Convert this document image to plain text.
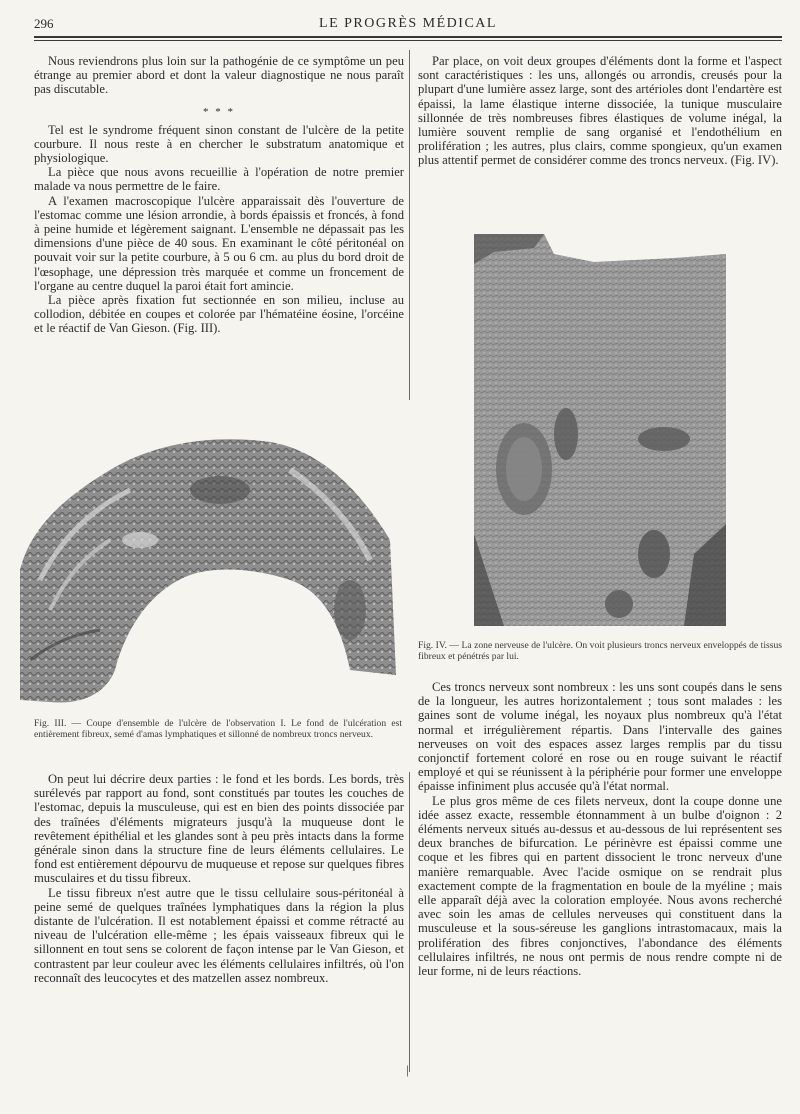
296	LE PROGRÈS MÉDICAL

Nous reviendrons plus loin sur la pathogénie de ce symptôme un peu étrange au premier abord et dont la valeur diagnostique ne nous paraît pas discutable.

* * *

Tel est le syndrome fréquent sinon constant de l'ulcère de la petite courbure. Il nous reste à en chercher le substratum anatomique et physiologique.

La pièce que nous avons recueillie à l'opération de notre premier malade va nous permettre de le faire.

A l'examen macroscopique l'ulcère apparaissait dès l'ouverture de l'estomac comme une lésion arrondie, à bords épaissis et froncés, à fond à peine humide et légèrement saignant. L'ensemble ne dépassait pas les dimensions d'une pièce de 40 sous. En examinant le côté péritonéal on pouvait voir sur la petite courbure, à 5 ou 6 cm. au plus du bord droit de l'œsophage, une dépression très marquée et comme un froncement de l'organe au centre duquel la paroi était fort amincie.

La pièce après fixation fut sectionnée en son milieu, incluse au collodion, débitée en coupes et colorée par l'hématéine éosine, l'orcéine et le réactif de Van Gieson. (Fig. III).

Fig. III. — Coupe d'ensemble de l'ulcère de l'observation I. Le fond de l'ulcération est entièrement fibreux, semé d'amas lymphatiques et sillonné de nombreux troncs nerveux.

On peut lui décrire deux parties : le fond et les bords. Les bords, très surélevés par rapport au fond, sont constitués par toutes les couches de l'estomac, depuis la musculeuse, qui est en bien des points dissociée par des traînées d'éléments migrateurs jusqu'à la muqueuse dont le revêtement épithélial et les glandes sont à peu près intacts dans la forme générale sinon dans la structure fine de leurs éléments cellulaires. Le fond est entièrement dépourvu de muqueuse et repose sur quelques fibres musculaires et du tissu fibreux.

Le tissu fibreux n'est autre que le tissu cellulaire sous-péritonéal à peine semé de quelques traînées lymphatiques dans la région la plus distante de l'ulcération. Il est notablement épaissi et comme rétracté au niveau de l'ulcération elle-même ; les épais vaisseaux fibreux qui le sillonnent en tout sens se colorent de façon intense par le Van Gieson, et contrastent par leur couleur avec les éléments cellulaires infiltrés, où l'on reconnaît des leucocytes et des matzellen assez nombreux.

Par place, on voit deux groupes d'éléments dont la forme et l'aspect sont caractéristiques : les uns, allongés ou arrondis, creusés pour la plupart d'une lumière assez large, sont des artérioles dont l'endartère est épaissi, la lame élastique interne dissociée, la tunique musculaire sillonnée de très nombreuses fibres élastiques de volume inégal, la lumière souvent remplie de sang organisé et l'endothélium en prolifération ; les autres, plus clairs, comme spongieux, qu'un examen plus attentif permet de considérer comme des troncs nerveux. (Fig. IV).

Fig. IV. — La zone nerveuse de l'ulcère. On voit plusieurs troncs nerveux enveloppés de tissus fibreux et pénétrés par lui.

Ces troncs nerveux sont nombreux : les uns sont coupés dans le sens de la longueur, les autres horizontalement ; tous sont malades : les gaines sont de volume inégal, les noyaux plus nombreux qu'à l'état normal et irrégulièrement répartis. Dans l'intervalle des gaines nerveuses on voit des espaces assez larges remplis par du tissu conjonctif fortement coloré en rose ou en rouge suivant le réactif employé et qui se réunissent à la périphérie pour former une enveloppe épaisse infiniment plus accusée qu'à l'état normal.

Le plus gros même de ces filets nerveux, dont la coupe donne une idée assez exacte, ressemble étonnamment à un bulbe d'oignon : 2 éléments nerveux situés au-dessus et au-dessous de lui représentent ses deux branches de bifurcation. Le périnèvre est épaissi comme une coque et les fibres qui en partent dissocient le tronc nerveux d'une manière remarquable. Avec l'acide osmique on se rendrait plus exactement compte de la fragmentation en boule de la myéline ; mais elle apparaît déjà avec la coloration employée. Nous avons recherché avec soin les amas de cellules nerveuses qui constituent dans la musculeuse et la sous-séreuse les ganglions intrastomacaux, mais la prolifération des fibres conjonctives, l'abondance des éléments cellulaires infiltrés, ne nous ont permis de nous rendre compte ni de leur forme, ni de leurs réactions.

|
